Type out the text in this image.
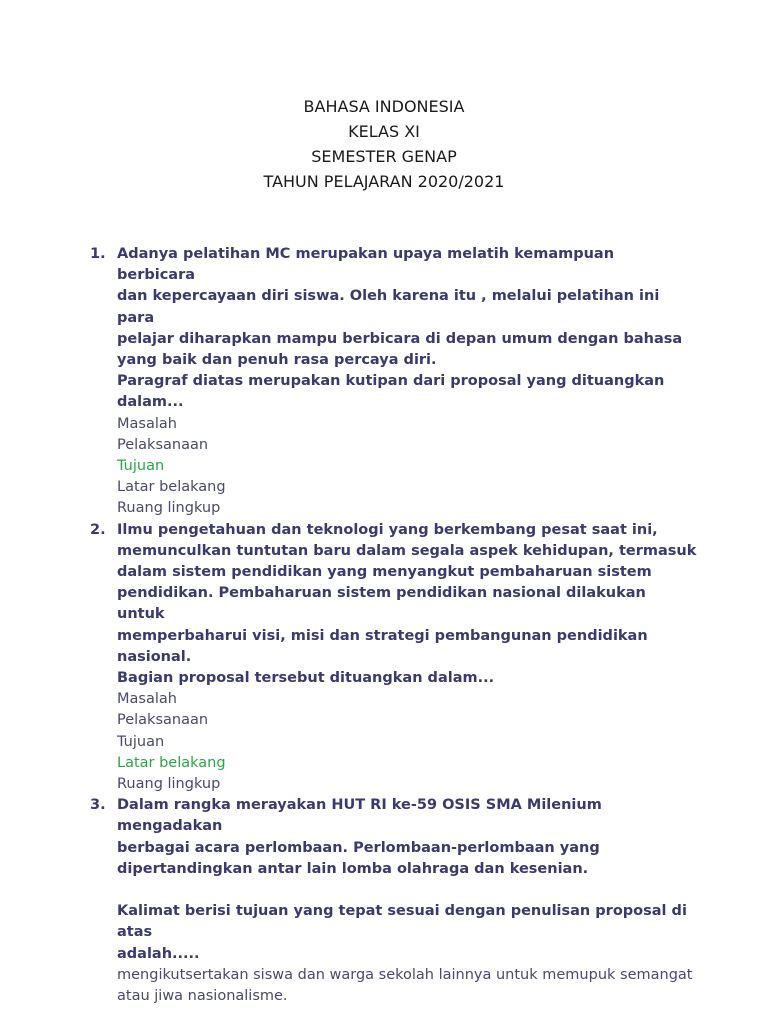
BAHASA INDONESIA
KELAS XI
SEMESTER GENAP
TAHUN PELAJARAN 2020/2021
1. Adanya pelatihan MC merupakan upaya melatih kemampuan berbicara

dan kepercayaan diri siswa. Oleh karena itu , melalui pelatihan ini para

pelajar diharapkan mampu berbicara di depan umum dengan bahasa

yang baik dan penuh rasa percaya diri.

Paragraf diatas merupakan kutipan dari proposal yang dituangkan

dalam...

Masalah
Pelaksanaan
Tujuan
Latar belakang
Ruang lingkup
2. Ilmu pengetahuan dan teknologi yang berkembang pesat saat ini,

memunculkan tuntutan baru dalam segala aspek kehidupan, termasuk

dalam sistem pendidikan yang menyangkut pembaharuan sistem

pendidikan. Pembaharuan sistem pendidikan nasional dilakukan untuk

memperbaharui visi, misi dan strategi pembangunan pendidikan nasional.

Bagian proposal tersebut dituangkan dalam...

Masalah
Pelaksanaan
Tujuan
Latar belakang
Ruang lingkup
3. Dalam rangka merayakan HUT RI ke-59 OSIS SMA Milenium mengadakan

berbagai acara perlombaan. Perlombaan-perlombaan yang

dipertandingkan antar lain lomba olahraga dan kesenian.

Kalimat berisi tujuan yang tepat sesuai dengan penulisan proposal di atas

adalah.....

mengikutsertakan siswa dan warga sekolah lainnya untuk memupuk semangat
atau jiwa nasionalisme.
